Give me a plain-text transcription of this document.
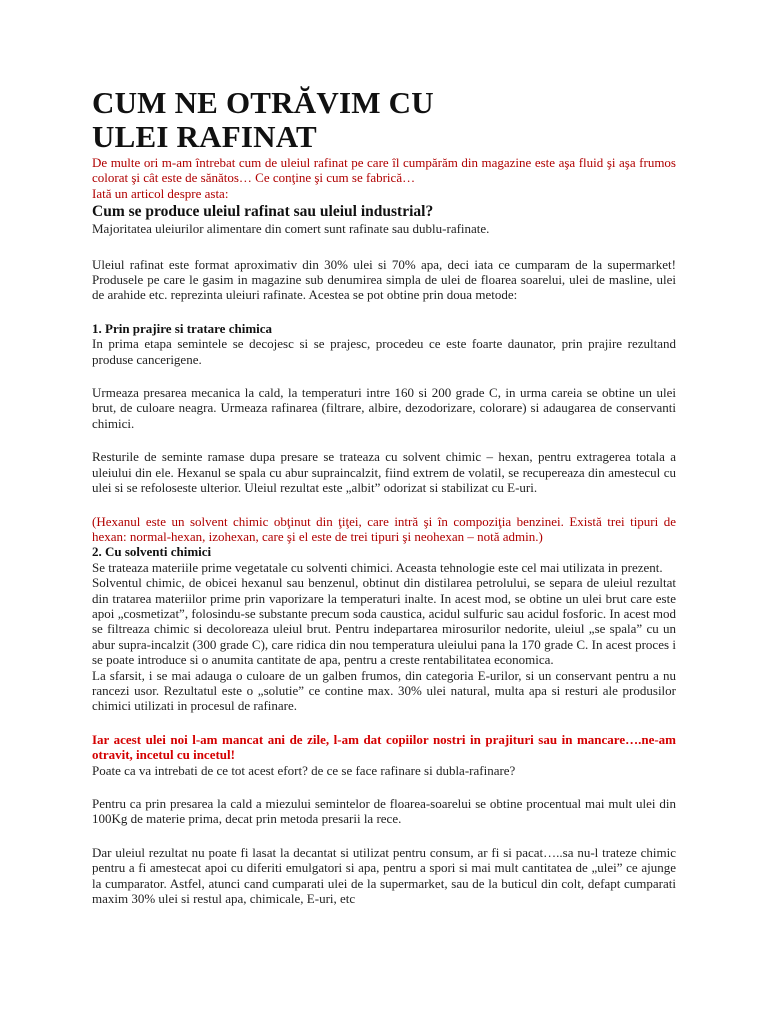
CUM NE OTRĂVIM CU
ULEI RAFINAT

De multe ori m-am întrebat cum de uleiul rafinat pe care îl cumpărăm din magazine este aşa fluid şi aşa frumos colorat şi cât este de sănătos… Ce conţine şi cum se fabrică…

Iată un articol despre asta:

Cum se produce uleiul rafinat sau uleiul industrial?

Majoritatea uleiurilor alimentare din comert sunt rafinate sau dublu-rafinate.

Uleiul rafinat este format aproximativ din 30% ulei si 70% apa, deci iata ce cumparam de la supermarket! Produsele pe care le gasim in magazine sub denumirea simpla de ulei de floarea soarelui, ulei de masline, ulei de arahide etc. reprezinta uleiuri rafinate. Acestea se pot obtine prin doua metode:

1. Prin prajire si tratare chimica

In prima etapa semintele se decojesc si se prajesc, procedeu ce este foarte daunator, prin prajire rezultand produse cancerigene.

Urmeaza presarea mecanica la cald, la temperaturi intre 160 si 200 grade C, in urma careia se obtine un ulei brut, de culoare neagra. Urmeaza rafinarea (filtrare, albire, dezodorizare, colorare) si adaugarea de conservanti chimici.

Resturile de seminte ramase dupa presare se trateaza cu solvent chimic – hexan, pentru extragerea totala a uleiului din ele. Hexanul se spala cu abur supraincalzit, fiind extrem de volatil, se recupereaza din amestecul cu ulei si se refoloseste ulterior. Uleiul rezultat este „albit” odorizat si stabilizat cu E-uri.

(Hexanul este un solvent chimic obţinut din ţiţei, care intră şi în compoziţia benzinei. Există trei tipuri de hexan: normal-hexan, izohexan, care şi el este de trei tipuri şi neohexan – notă admin.)

2. Cu solventi chimici

Se trateaza materiile prime vegetatale cu solventi chimici. Aceasta tehnologie este cel mai utilizata in prezent.

Solventul chimic, de obicei hexanul sau benzenul, obtinut din distilarea petrolului, se separa de uleiul rezultat din tratarea materiilor prime prin vaporizare la temperaturi inalte. In acest mod, se obtine un ulei brut care este apoi „cosmetizat”, folosindu-se substante precum soda caustica, acidul sulfuric sau acidul fosforic. In acest mod se filtreaza chimic si decoloreaza uleiul brut. Pentru indepartarea mirosurilor nedorite, uleiul „se spala” cu un abur supra-incalzit (300 grade C), care ridica din nou temperatura uleiului pana la 170 grade C. In acest proces i se poate introduce si o anumita cantitate de apa, pentru a creste rentabilitatea economica.

La sfarsit, i se mai adauga o culoare de un galben frumos, din categoria E-urilor, si un conservant pentru a nu rancezi usor. Rezultatul este o „solutie” ce contine max. 30% ulei natural, multa apa si resturi ale produsilor chimici utilizati in procesul de rafinare.

Iar acest ulei noi l-am mancat ani de zile, l-am dat copiilor nostri in prajituri sau in mancare….ne-am otravit, incetul cu incetul!

Poate ca va intrebati de ce tot acest efort? de ce se face rafinare si dubla-rafinare?

Pentru ca prin presarea la cald a miezului semintelor de floarea-soarelui se obtine procentual mai mult ulei din 100Kg de materie prima, decat prin metoda presarii la rece.

Dar uleiul rezultat nu poate fi lasat la decantat si utilizat pentru consum, ar fi si pacat…..sa nu-l trateze chimic pentru a fi amestecat apoi cu diferiti emulgatori si apa, pentru a spori si mai mult cantitatea de „ulei” ce ajunge la cumparator. Astfel, atunci cand cumparati ulei de la supermarket, sau de la buticul din colt, defapt cumparati maxim 30% ulei si restul apa, chimicale, E-uri, etc
